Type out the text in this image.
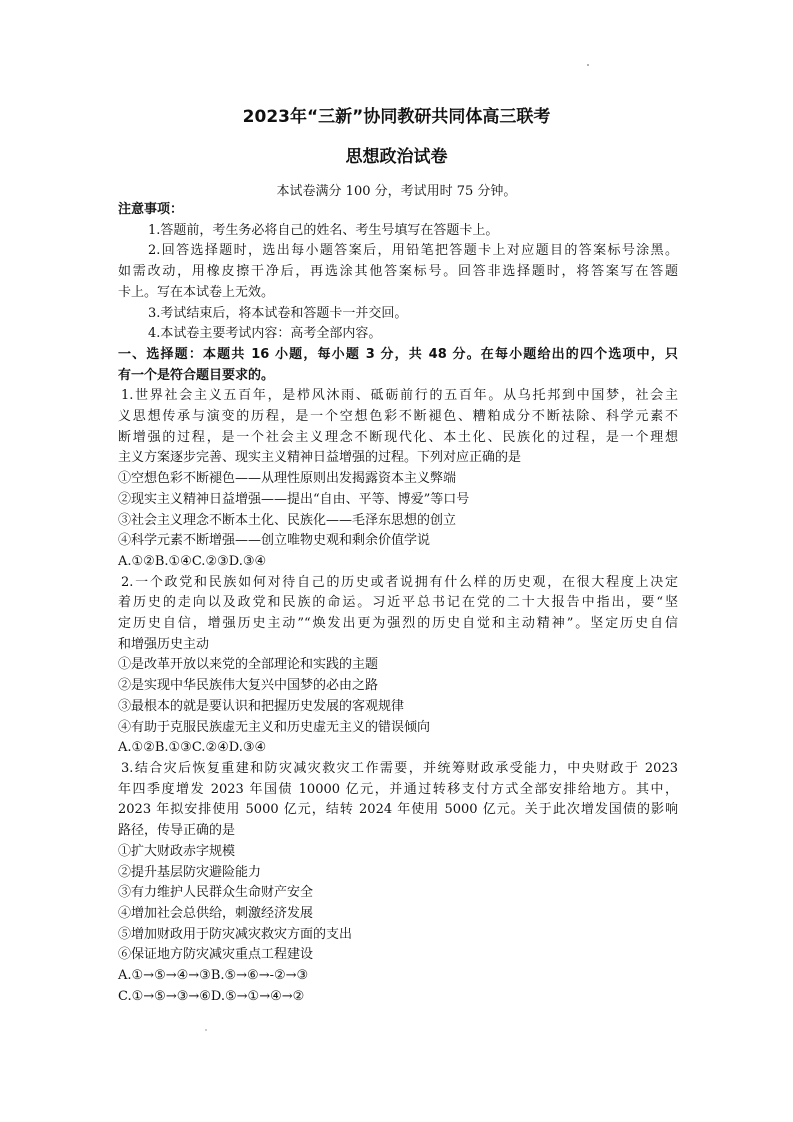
2023年“三新”协同教研共同体高三联考
思想政治试卷
本试卷满分 100 分，考试用时 75 分钟。

注意事项：

1.答题前，考生务必将自己的姓名、考生号填写在答题卡上。

2.回答选择题时，选出每小题答案后，用铅笔把答题卡上对应题目的答案标号涂黑。

如需改动，用橡皮擦干净后，再选涂其他答案标号。回答非选择题时，将答案写在答题

卡上。写在本试卷上无效。

3.考试结束后，将本试卷和答题卡一并交回。

4.本试卷主要考试内容：高考全部内容。

一、选择题：本题共 16 小题，每小题 3 分，共 48 分。在每小题给出的四个选项中，只

有一个是符合题目要求的。

1.世界社会主义五百年，是栉风沐雨、砥砺前行的五百年。从乌托邦到中国梦，社会主

义思想传承与演变的历程，是一个空想色彩不断褪色、糟粕成分不断祛除、科学元素不

断增强的过程，是一个社会主义理念不断现代化、本土化、民族化的过程，是一个理想

主义方案逐步完善、现实主义精神日益增强的过程。下列对应正确的是

①空想色彩不断褪色——从理性原则出发揭露资本主义弊端

②现实主义精神日益增强——提出“自由、平等、博爱”等口号

③社会主义理念不断本土化、民族化——毛泽东思想的创立

④科学元素不断增强——创立唯物史观和剩余价值学说

A.①②B.①④C.②③D.③④

2.一个政党和民族如何对待自己的历史或者说拥有什么样的历史观，在很大程度上决定

着历史的走向以及政党和民族的命运。习近平总书记在党的二十大报告中指出，要“坚

定历史自信，增强历史主动”“焕发出更为强烈的历史自觉和主动精神”。坚定历史自信

和增强历史主动

①是改革开放以来党的全部理论和实践的主题

②是实现中华民族伟大复兴中国梦的必由之路

③最根本的就是要认识和把握历史发展的客观规律

④有助于克服民族虚无主义和历史虚无主义的错误倾向

A.①②B.①③C.②④D.③④

3.结合灾后恢复重建和防灾减灾救灾工作需要，并统筹财政承受能力，中央财政于 2023

年四季度增发 2023 年国债 10000 亿元，并通过转移支付方式全部安排给地方。其中，

2023 年拟安排使用 5000 亿元，结转 2024 年使用 5000 亿元。关于此次增发国债的影响

路径，传导正确的是

①扩大财政赤字规模

②提升基层防灾避险能力

③有力维护人民群众生命财产安全

④增加社会总供给，刺激经济发展

⑤增加财政用于防灾减灾救灾方面的支出

⑥保证地方防灾减灾重点工程建设

A.①→⑤→④→③B.⑤→⑥→-②→③

C.①→⑤→③→⑥D.⑤→①→④→②
